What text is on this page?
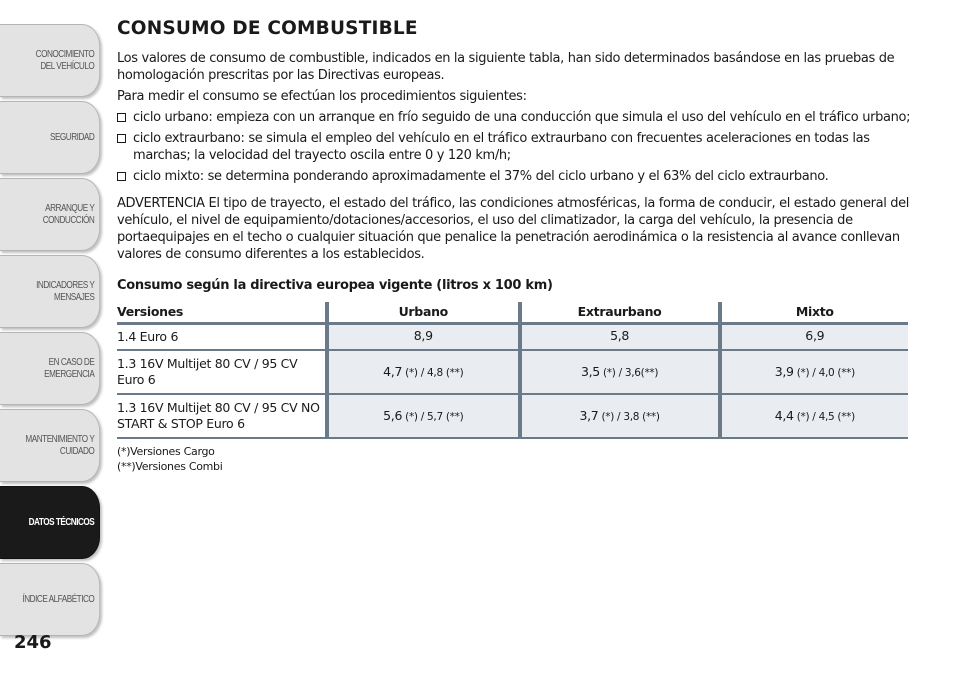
CONOCIMIENTO
DEL VEHÍCULO
SEGURIDAD
ARRANQUE Y
CONDUCCIÓN
INDICADORES Y
MENSAJES
EN CASO DE
EMERGENCIA
MANTENIMIENTO Y
CUIDADO
DATOS TÉCNICOS
ÍNDICE ALFABÉTICO
246
CONSUMO DE COMBUSTIBLE

Los valores de consumo de combustible, indicados en la siguiente tabla, han sido determinados basándose en las pruebas de homologación prescritas por las Directivas europeas.

Para medir el consumo se efectúan los procedimientos siguientes:

ciclo urbano: empieza con un arranque en frío seguido de una conducción que simula el uso del vehículo en el tráfico urbano;
ciclo extraurbano: se simula el empleo del vehículo en el tráfico extraurbano con frecuentes aceleraciones en todas las marchas; la velocidad del trayecto oscila entre 0 y 120 km/h;
ciclo mixto: se determina ponderando aproximadamente el 37% del ciclo urbano y el 63% del ciclo extraurbano.

ADVERTENCIA El tipo de trayecto, el estado del tráfico, las condiciones atmosféricas, la forma de conducir, el estado general del vehículo, el nivel de equipamiento/dotaciones/accesorios, el uso del climatizador, la carga del vehículo, la presencia de portaequipajes en el techo o cualquier situación que penalice la penetración aerodinámica o la resistencia al avance conllevan valores de consumo diferentes a los establecidos.

Consumo según la directiva europea vigente (litros x 100 km)

Versiones	Urbano	Extraurbano	Mixto
1.4 Euro 6	8,9	5,8	6,9
1.3 16V Multijet 80 CV / 95 CV Euro 6	4,7 (*) / 4,8 (**)	3,5 (*) / 3,6(**)	3,9 (*) / 4,0 (**)
1.3 16V Multijet 80 CV / 95 CV NO START & STOP Euro 6	5,6 (*) / 5,7 (**)	3,7 (*) / 3,8 (**)	4,4 (*) / 4,5 (**)
(*)Versiones Cargo
(**)Versiones Combi
